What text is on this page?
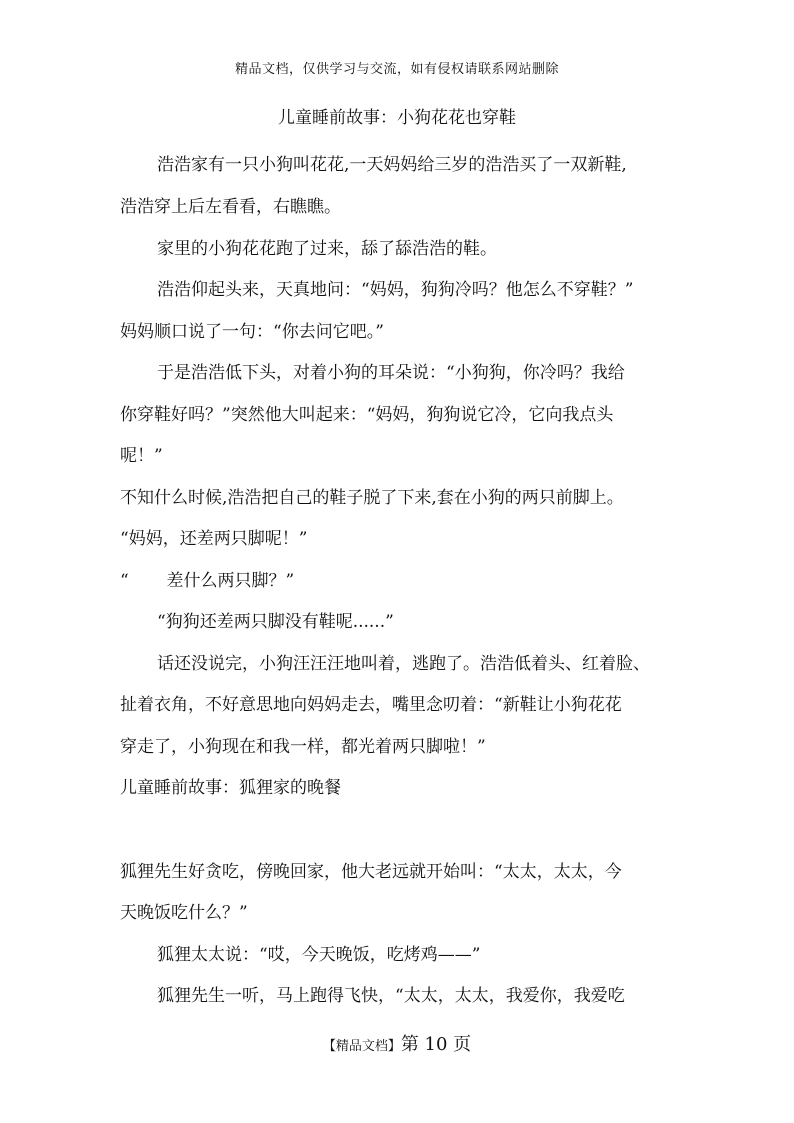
精品文档，仅供学习与交流，如有侵权请联系网站删除
儿童睡前故事：小狗花花也穿鞋
浩浩家有一只小狗叫花花,一天妈妈给三岁的浩浩买了一双新鞋,
浩浩穿上后左看看，右瞧瞧。
家里的小狗花花跑了过来，舔了舔浩浩的鞋。
浩浩仰起头来，天真地问：“妈妈，狗狗冷吗？他怎么不穿鞋？”
妈妈顺口说了一句：“你去问它吧。”
于是浩浩低下头，对着小狗的耳朵说：“小狗狗，你冷吗？我给
你穿鞋好吗？”突然他大叫起来：“妈妈，狗狗说它冷，它向我点头
呢！”
不知什么时候,浩浩把自己的鞋子脱了下来,套在小狗的两只前脚上。
“妈妈，还差两只脚呢！”
“       差什么两只脚？”
“狗狗还差两只脚没有鞋呢......”
话还没说完，小狗汪汪汪地叫着，逃跑了。浩浩低着头、红着脸、
扯着衣角，不好意思地向妈妈走去，嘴里念叨着：“新鞋让小狗花花
穿走了，小狗现在和我一样，都光着两只脚啦！”
儿童睡前故事：狐狸家的晚餐
狐狸先生好贪吃，傍晚回家，他大老远就开始叫：“太太，太太，今
天晚饭吃什么？”
狐狸太太说：“哎，今天晚饭，吃烤鸡——”
狐狸先生一听，马上跑得飞快，“太太，太太，我爱你，我爱吃
【精品文档】第 10 页
